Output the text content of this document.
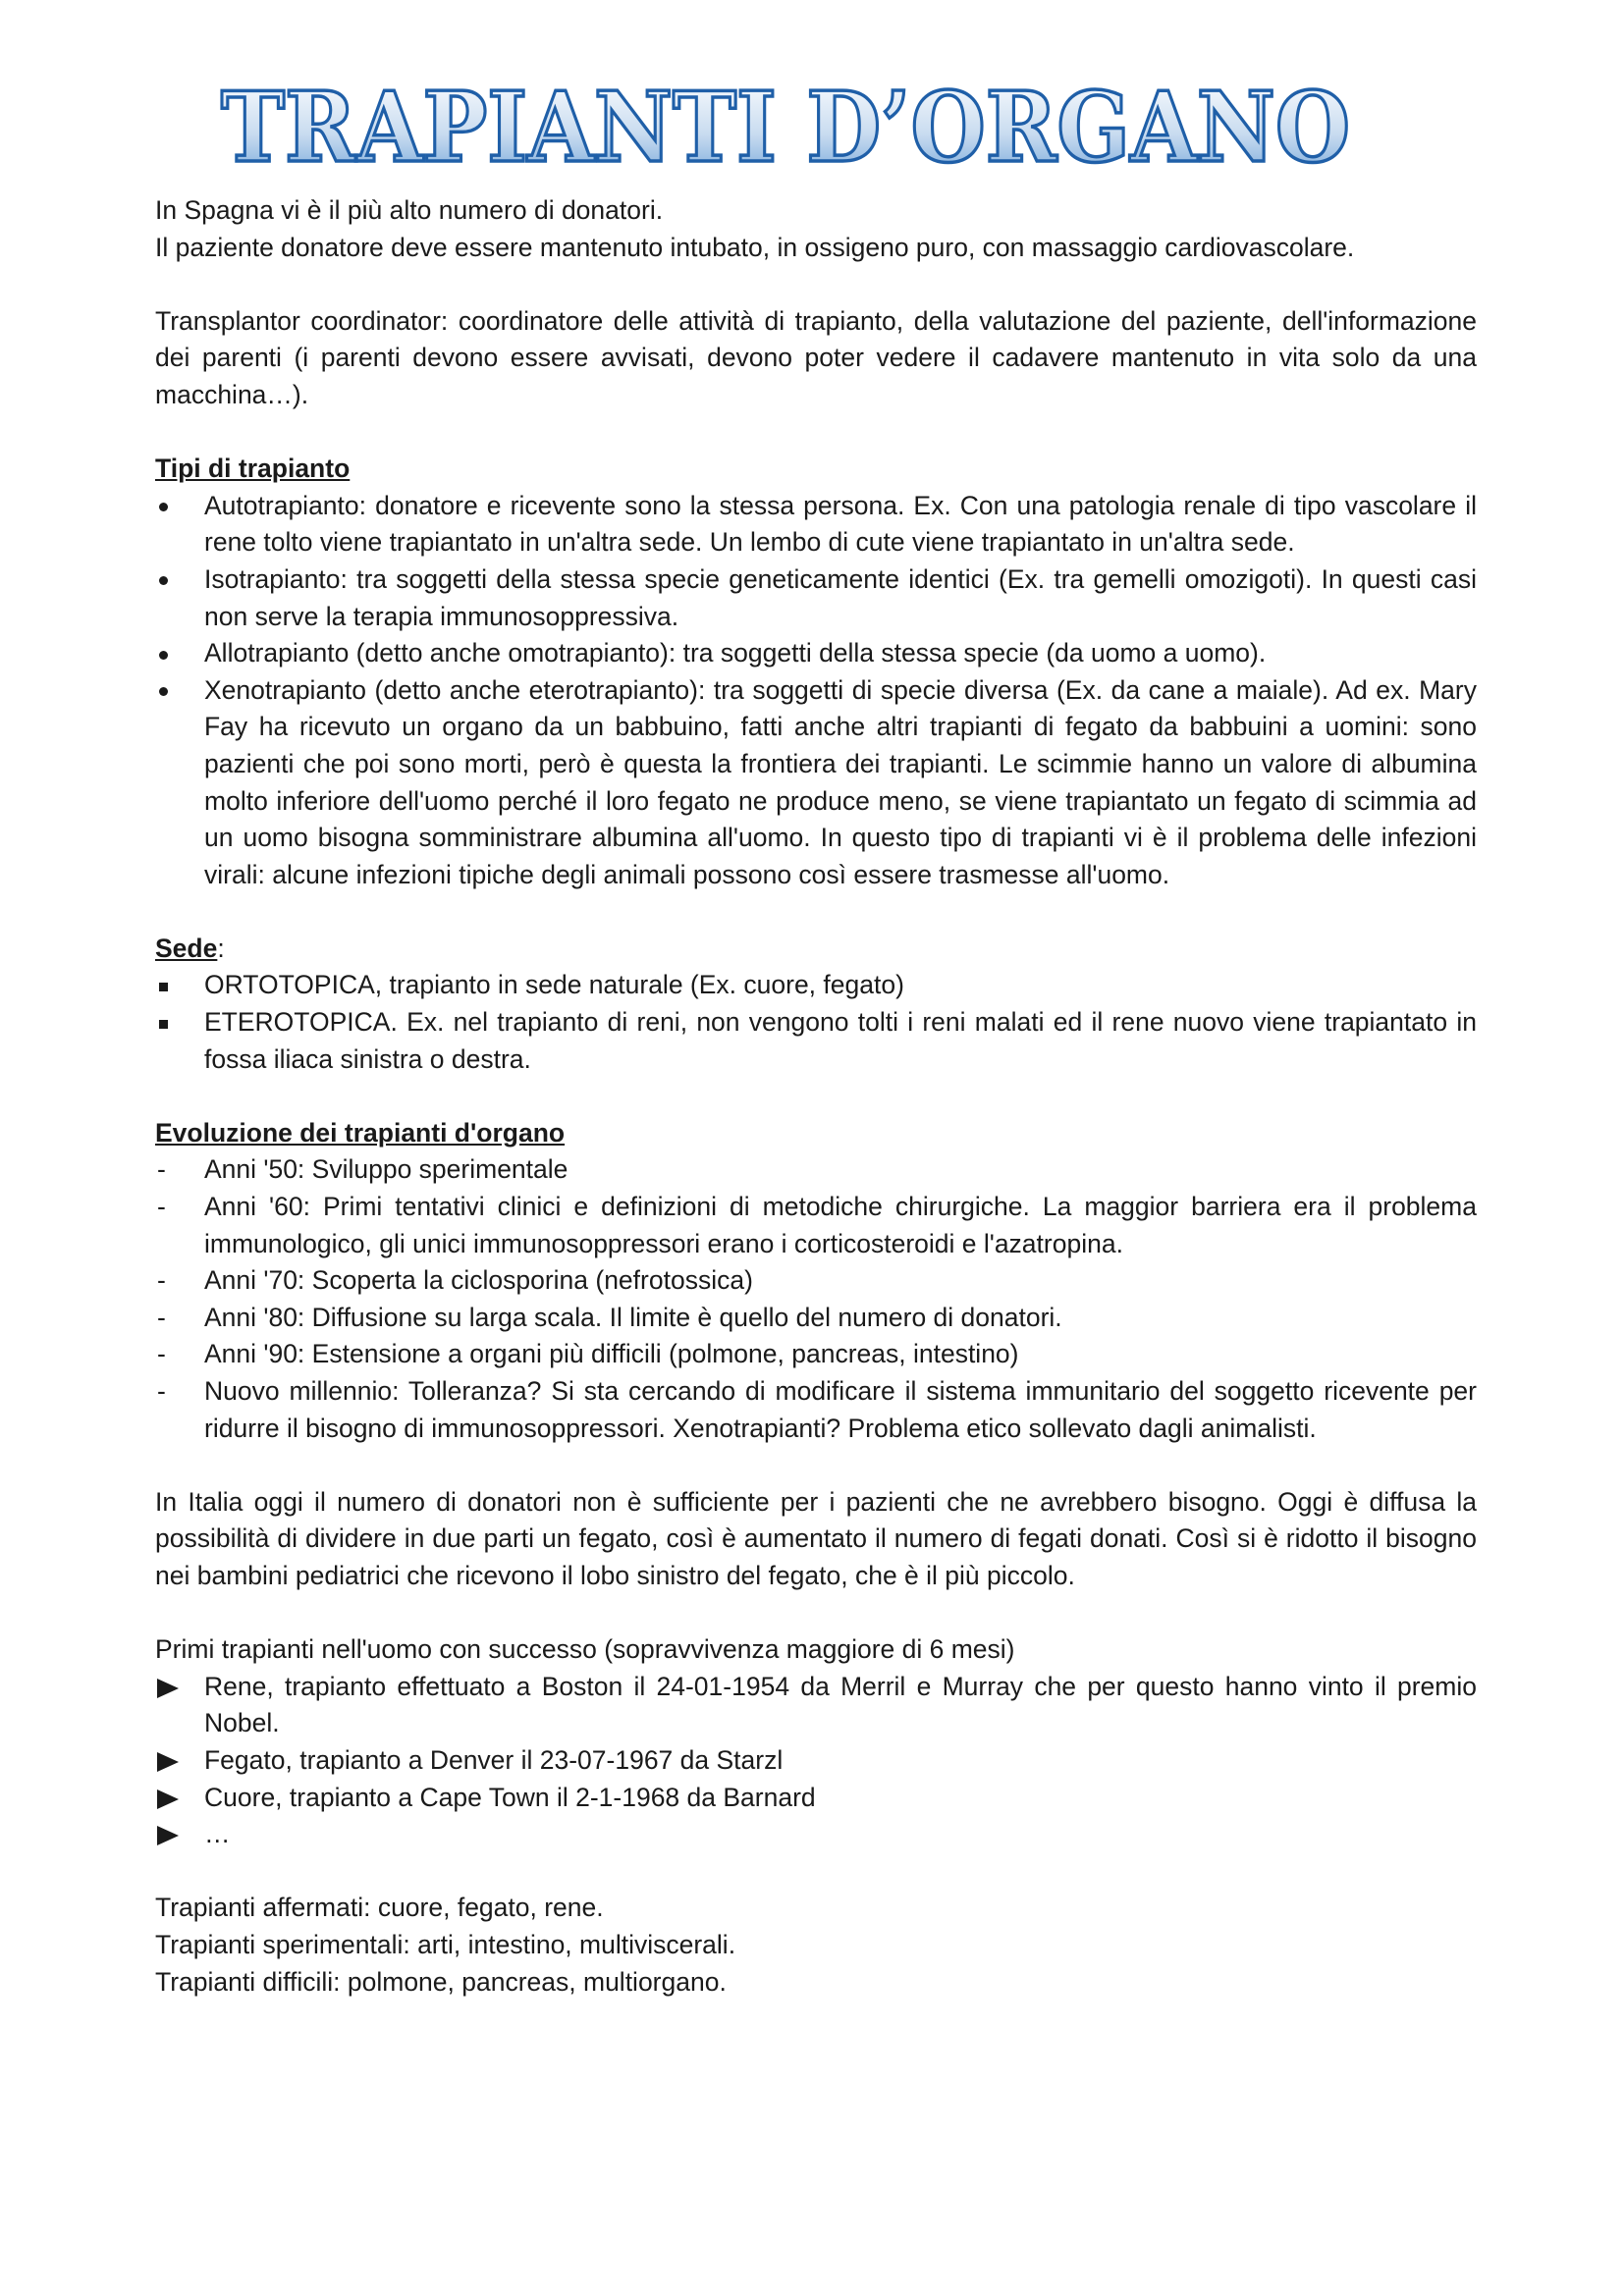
TRAPIANTI D’ORGANO

In Spagna vi è il più alto numero di donatori.

Il paziente donatore deve essere mantenuto intubato, in ossigeno puro, con massaggio cardiovascolare.

Transplantor coordinator: coordinatore delle attività di trapianto, della valutazione del paziente, dell'informazione dei parenti (i parenti devono essere avvisati, devono poter vedere il cadavere mantenuto in vita solo da una macchina…).

Tipi di trapianto

Autotrapianto: donatore e ricevente sono la stessa persona. Ex. Con una patologia renale di tipo vascolare il rene tolto viene trapiantato in un'altra sede. Un lembo di cute viene trapiantato in un'altra sede.
Isotrapianto: tra soggetti della stessa specie geneticamente identici (Ex. tra gemelli omozigoti). In questi casi non serve la terapia immunosoppressiva.
Allotrapianto (detto anche omotrapianto): tra soggetti della stessa specie (da uomo a uomo).
Xenotrapianto (detto anche eterotrapianto): tra soggetti di specie diversa (Ex. da cane a maiale). Ad ex. Mary Fay ha ricevuto un organo da un babbuino, fatti anche altri trapianti di fegato da babbuini a uomini: sono pazienti che poi sono morti, però è questa la frontiera dei trapianti. Le scimmie hanno un valore di albumina molto inferiore dell'uomo perché il loro fegato ne produce meno, se viene trapiantato un fegato di scimmia ad un uomo bisogna somministrare albumina all'uomo. In questo tipo di trapianti vi è il problema delle infezioni virali: alcune infezioni tipiche degli animali possono così essere trasmesse all'uomo.

Sede:

ORTOTOPICA, trapianto in sede naturale (Ex. cuore, fegato)
ETEROTOPICA. Ex. nel trapianto di reni, non vengono tolti i reni malati ed il rene nuovo viene trapiantato in fossa iliaca sinistra o destra.

Evoluzione dei trapianti d'organo

-	Anni '50: Sviluppo sperimentale
-	Anni '60: Primi tentativi clinici e definizioni di metodiche chirurgiche. La maggior barriera era il problema immunologico, gli unici immunosoppressori erano i corticosteroidi e l'azatropina.
-	Anni '70: Scoperta la ciclosporina (nefrotossica)
-	Anni '80: Diffusione su larga scala. Il limite è quello del numero di donatori.
-	Anni '90: Estensione a organi più difficili (polmone, pancreas, intestino)
-	Nuovo millennio: Tolleranza? Si sta cercando di modificare il sistema immunitario del soggetto ricevente per ridurre il bisogno di immunosoppressori. Xenotrapianti? Problema etico sollevato dagli animalisti.

In Italia oggi il numero di donatori non è sufficiente per i pazienti che ne avrebbero bisogno. Oggi è diffusa la possibilità di dividere in due parti un fegato, così è aumentato il numero di fegati donati. Così si è ridotto il bisogno nei bambini pediatrici che ricevono il lobo sinistro del fegato, che è il più piccolo.

Primi trapianti nell'uomo con successo (sopravvivenza maggiore di 6 mesi)

Rene, trapianto effettuato a Boston il 24-01-1954 da Merril e Murray che per questo hanno vinto il premio Nobel.
Fegato, trapianto a Denver il 23-07-1967 da Starzl
Cuore, trapianto a Cape Town il 2-1-1968 da Barnard
…

Trapianti affermati: cuore, fegato, rene.

Trapianti sperimentali: arti, intestino, multiviscerali.

Trapianti difficili: polmone, pancreas, multiorgano.
